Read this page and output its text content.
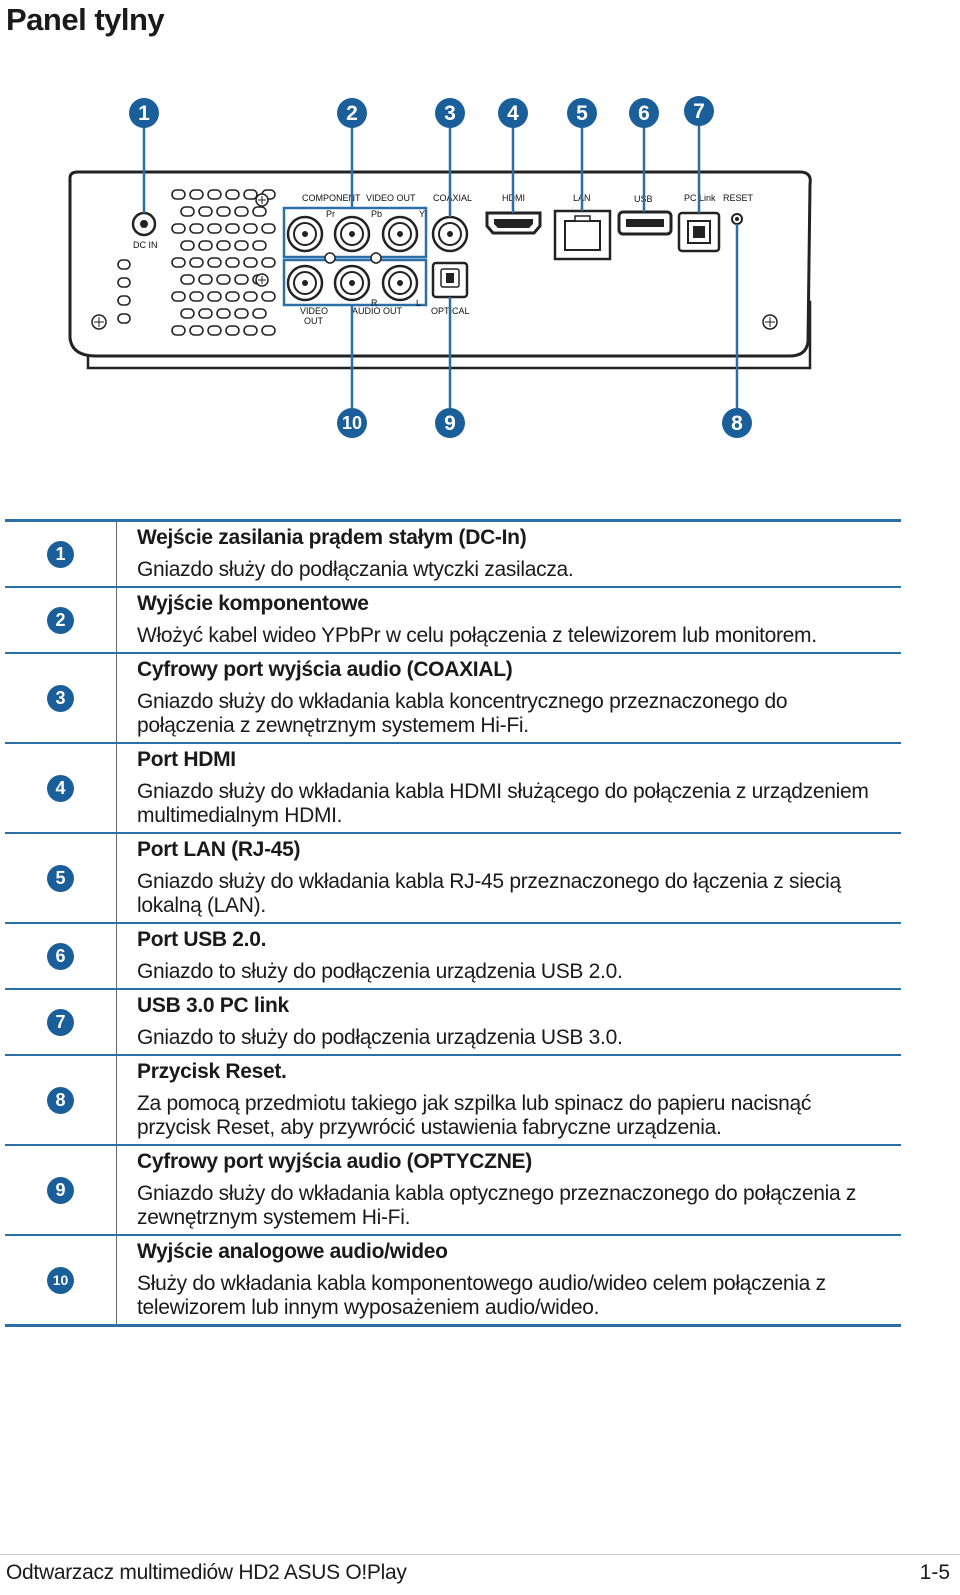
Panel tylny
DC IN
COMPONENT VIDEO OUT COAXIAL	HDMI	LAN	USB	PC Link RESET
Pr	Pb	Y
R	L
VIDEO
OUT
AUDIO OUT	OPTICAL
1	2	3 4	5 6 7
8
9
10
1	Wejście zasilania prądem stałym (DC-In)
Gniazdo służy do podłączania wtyczki zasilacza.

2	Wyjście komponentowe
Włożyć kabel wideo YPbPr w celu połączenia z telewizorem lub monitorem.

3	Cyfrowy port wyjścia audio (COAXIAL)
Gniazdo służy do wkładania kabla koncentrycznego przeznaczonego do połączenia z zewnętrznym systemem Hi-Fi.

4	Port HDMI
Gniazdo służy do wkładania kabla HDMI służącego do połączenia z urządzeniem multimedialnym HDMI.

5	Port LAN (RJ-45)
Gniazdo służy do wkładania kabla RJ-45 przeznaczonego do łączenia z siecią lokalną (LAN).

6	Port USB 2.0.
Gniazdo to służy do podłączenia urządzenia USB 2.0.

7	USB 3.0 PC link
Gniazdo to służy do podłączenia urządzenia USB 3.0.

8	Przycisk Reset.
Za pomocą przedmiotu takiego jak szpilka lub spinacz do papieru nacisnąć przycisk Reset, aby przywrócić ustawienia fabryczne urządzenia.

9	Cyfrowy port wyjścia audio (OPTYCZNE)
Gniazdo służy do wkładania kabla optycznego przeznaczonego do połączenia z zewnętrznym systemem Hi-Fi.

10	Wyjście analogowe audio/wideo
Służy do wkładania kabla komponentowego audio/wideo celem połączenia z telewizorem lub innym wyposażeniem audio/wideo.
Odtwarzacz multimediów HD2 ASUS O!Play	1-5
